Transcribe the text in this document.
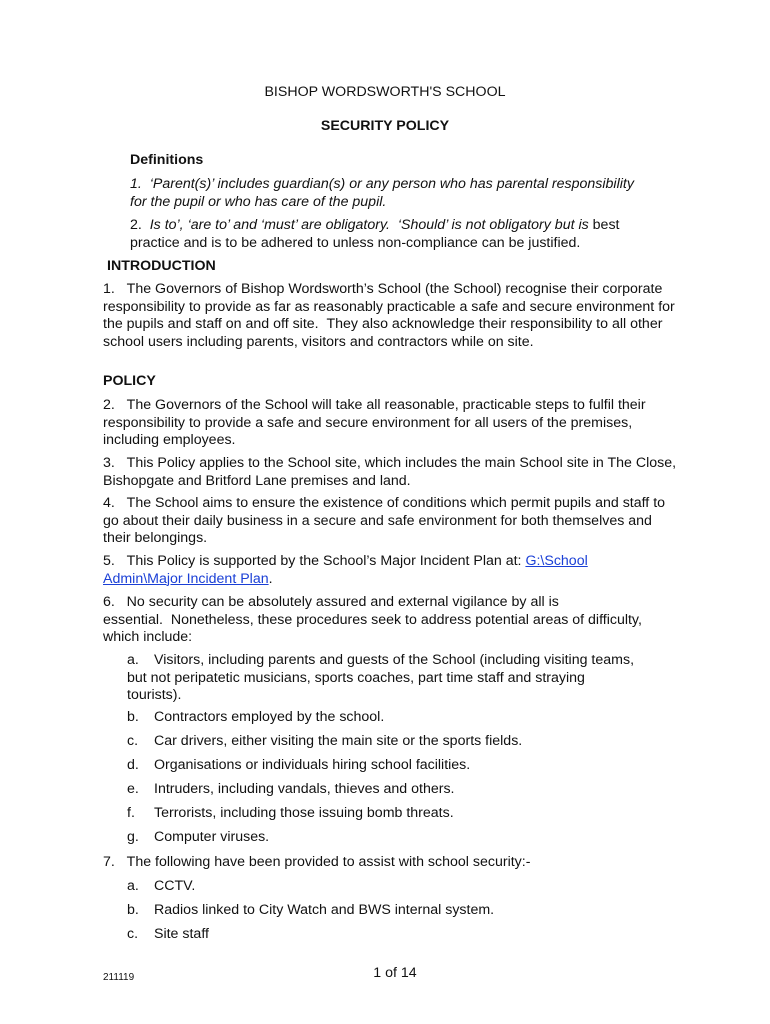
BISHOP WORDSWORTH'S SCHOOL
SECURITY POLICY
Definitions
1.  ‘Parent(s)’ includes guardian(s) or any person who has parental responsibility for the pupil or who has care of the pupil.
2.  Is to’, ‘are to’ and ‘must’ are obligatory.  ‘Should’ is not obligatory but is best practice and is to be adhered to unless non-compliance can be justified.
INTRODUCTION
1.   The Governors of Bishop Wordsworth’s School (the School) recognise their corporate responsibility to provide as far as reasonably practicable a safe and secure environment for the pupils and staff on and off site.  They also acknowledge their responsibility to all other school users including parents, visitors and contractors while on site.
POLICY
2.   The Governors of the School will take all reasonable, practicable steps to fulfil their responsibility to provide a safe and secure environment for all users of the premises, including employees.
3.   This Policy applies to the School site, which includes the main School site in The Close, Bishopgate and Britford Lane premises and land.
4.   The School aims to ensure the existence of conditions which permit pupils and staff to go about their daily business in a secure and safe environment for both themselves and their belongings.
5.   This Policy is supported by the School’s Major Incident Plan at: G:\School Admin\Major Incident Plan.
6.   No security can be absolutely assured and external vigilance by all is essential.  Nonetheless, these procedures seek to address potential areas of difficulty, which include:
a.	Visitors, including parents and guests of the School (including visiting teams, but not peripatetic musicians, sports coaches, part time staff and straying tourists).
b. Contractors employed by the school.
c. Car drivers, either visiting the main site or the sports fields.
d. Organisations or individuals hiring school facilities.
e. Intruders, including vandals, thieves and others.
f. Terrorists, including those issuing bomb threats.
g. Computer viruses.
7.   The following have been provided to assist with school security:-
a. CCTV.
b. Radios linked to City Watch and BWS internal system.
c. Site staff
211119	1 of 14
